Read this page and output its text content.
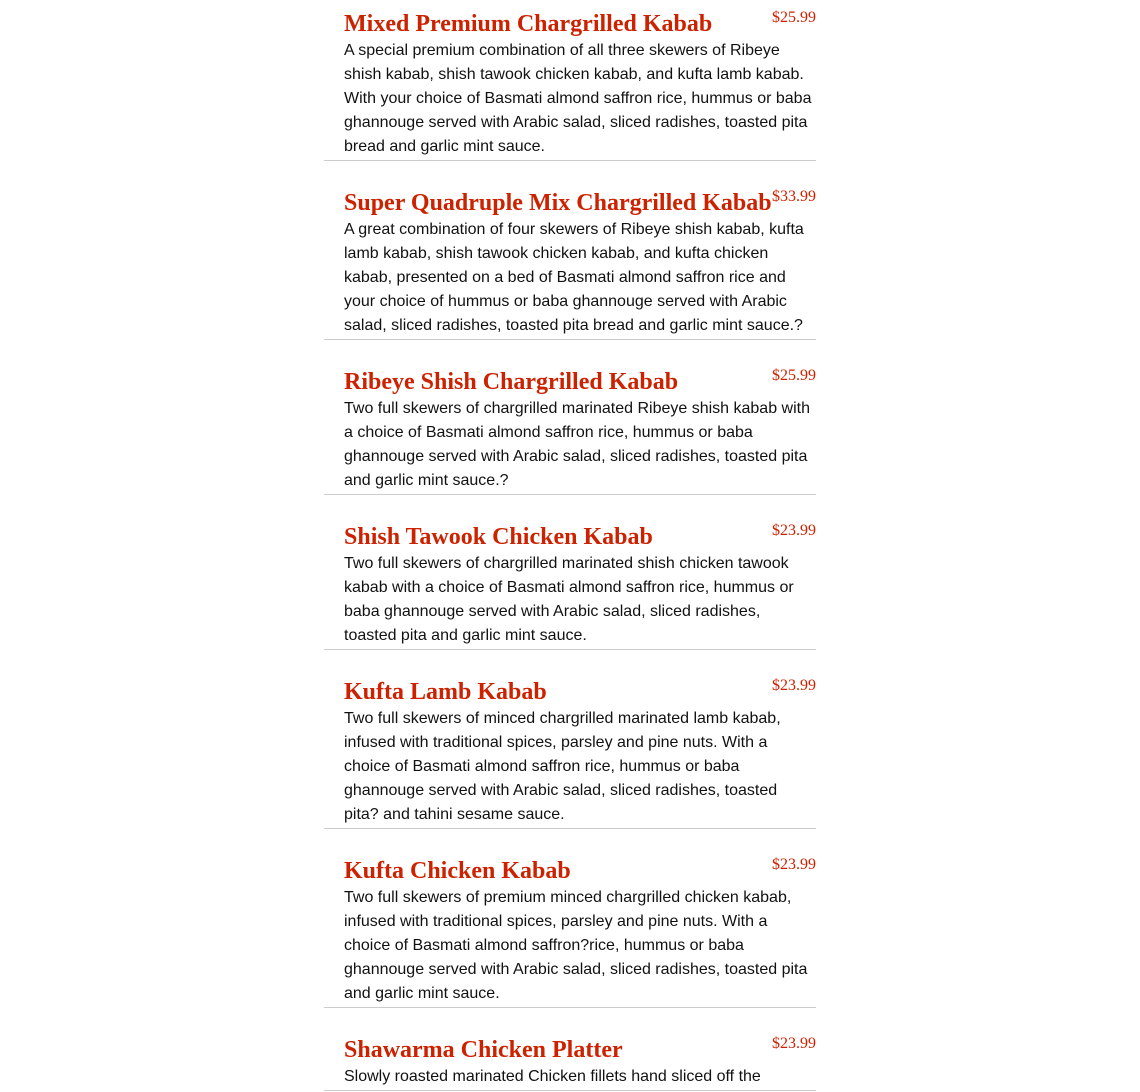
Mixed Premium Chargrilled Kabab	$25.99

A special premium combination of all three skewers of Ribeye shish kabab, shish tawook chicken kabab, and kufta lamb kabab. With your choice of Basmati almond saffron rice, hummus or baba ghannouge served with Arabic salad, sliced radishes, toasted pita bread and garlic mint sauce.

Super Quadruple Mix Chargrilled Kabab $33.99

A great combination of four skewers of Ribeye shish kabab, kufta lamb kabab, shish tawook chicken kabab, and kufta chicken kabab, presented on a bed of Basmati almond saffron rice and your choice of hummus or baba ghannouge served with Arabic salad, sliced radishes, toasted pita bread and garlic mint sauce.?

Ribeye Shish Chargrilled Kabab	$25.99

Two full skewers of chargrilled marinated Ribeye shish kabab with a choice of Basmati almond saffron rice, hummus or baba ghannouge served with Arabic salad, sliced radishes, toasted pita and garlic mint sauce.?

Shish Tawook Chicken Kabab	$23.99

Two full skewers of chargrilled marinated shish chicken tawook kabab with a choice of Basmati almond saffron rice, hummus or baba ghannouge served with Arabic salad, sliced radishes, toasted pita and garlic mint sauce.

Kufta Lamb Kabab	$23.99

Two full skewers of minced chargrilled marinated lamb kabab, infused with traditional spices, parsley and pine nuts. With a choice of Basmati almond saffron rice, hummus or baba ghannouge served with Arabic salad, sliced radishes, toasted pita? and tahini sesame sauce.

Kufta Chicken Kabab	$23.99

Two full skewers of premium minced chargrilled chicken kabab, infused with traditional spices, parsley and pine nuts. With a choice of Basmati almond saffron?rice, hummus or baba ghannouge served with Arabic salad, sliced radishes, toasted pita and garlic mint sauce.

Shawarma Chicken Platter	$23.99

Slowly roasted marinated Chicken fillets hand sliced off the
